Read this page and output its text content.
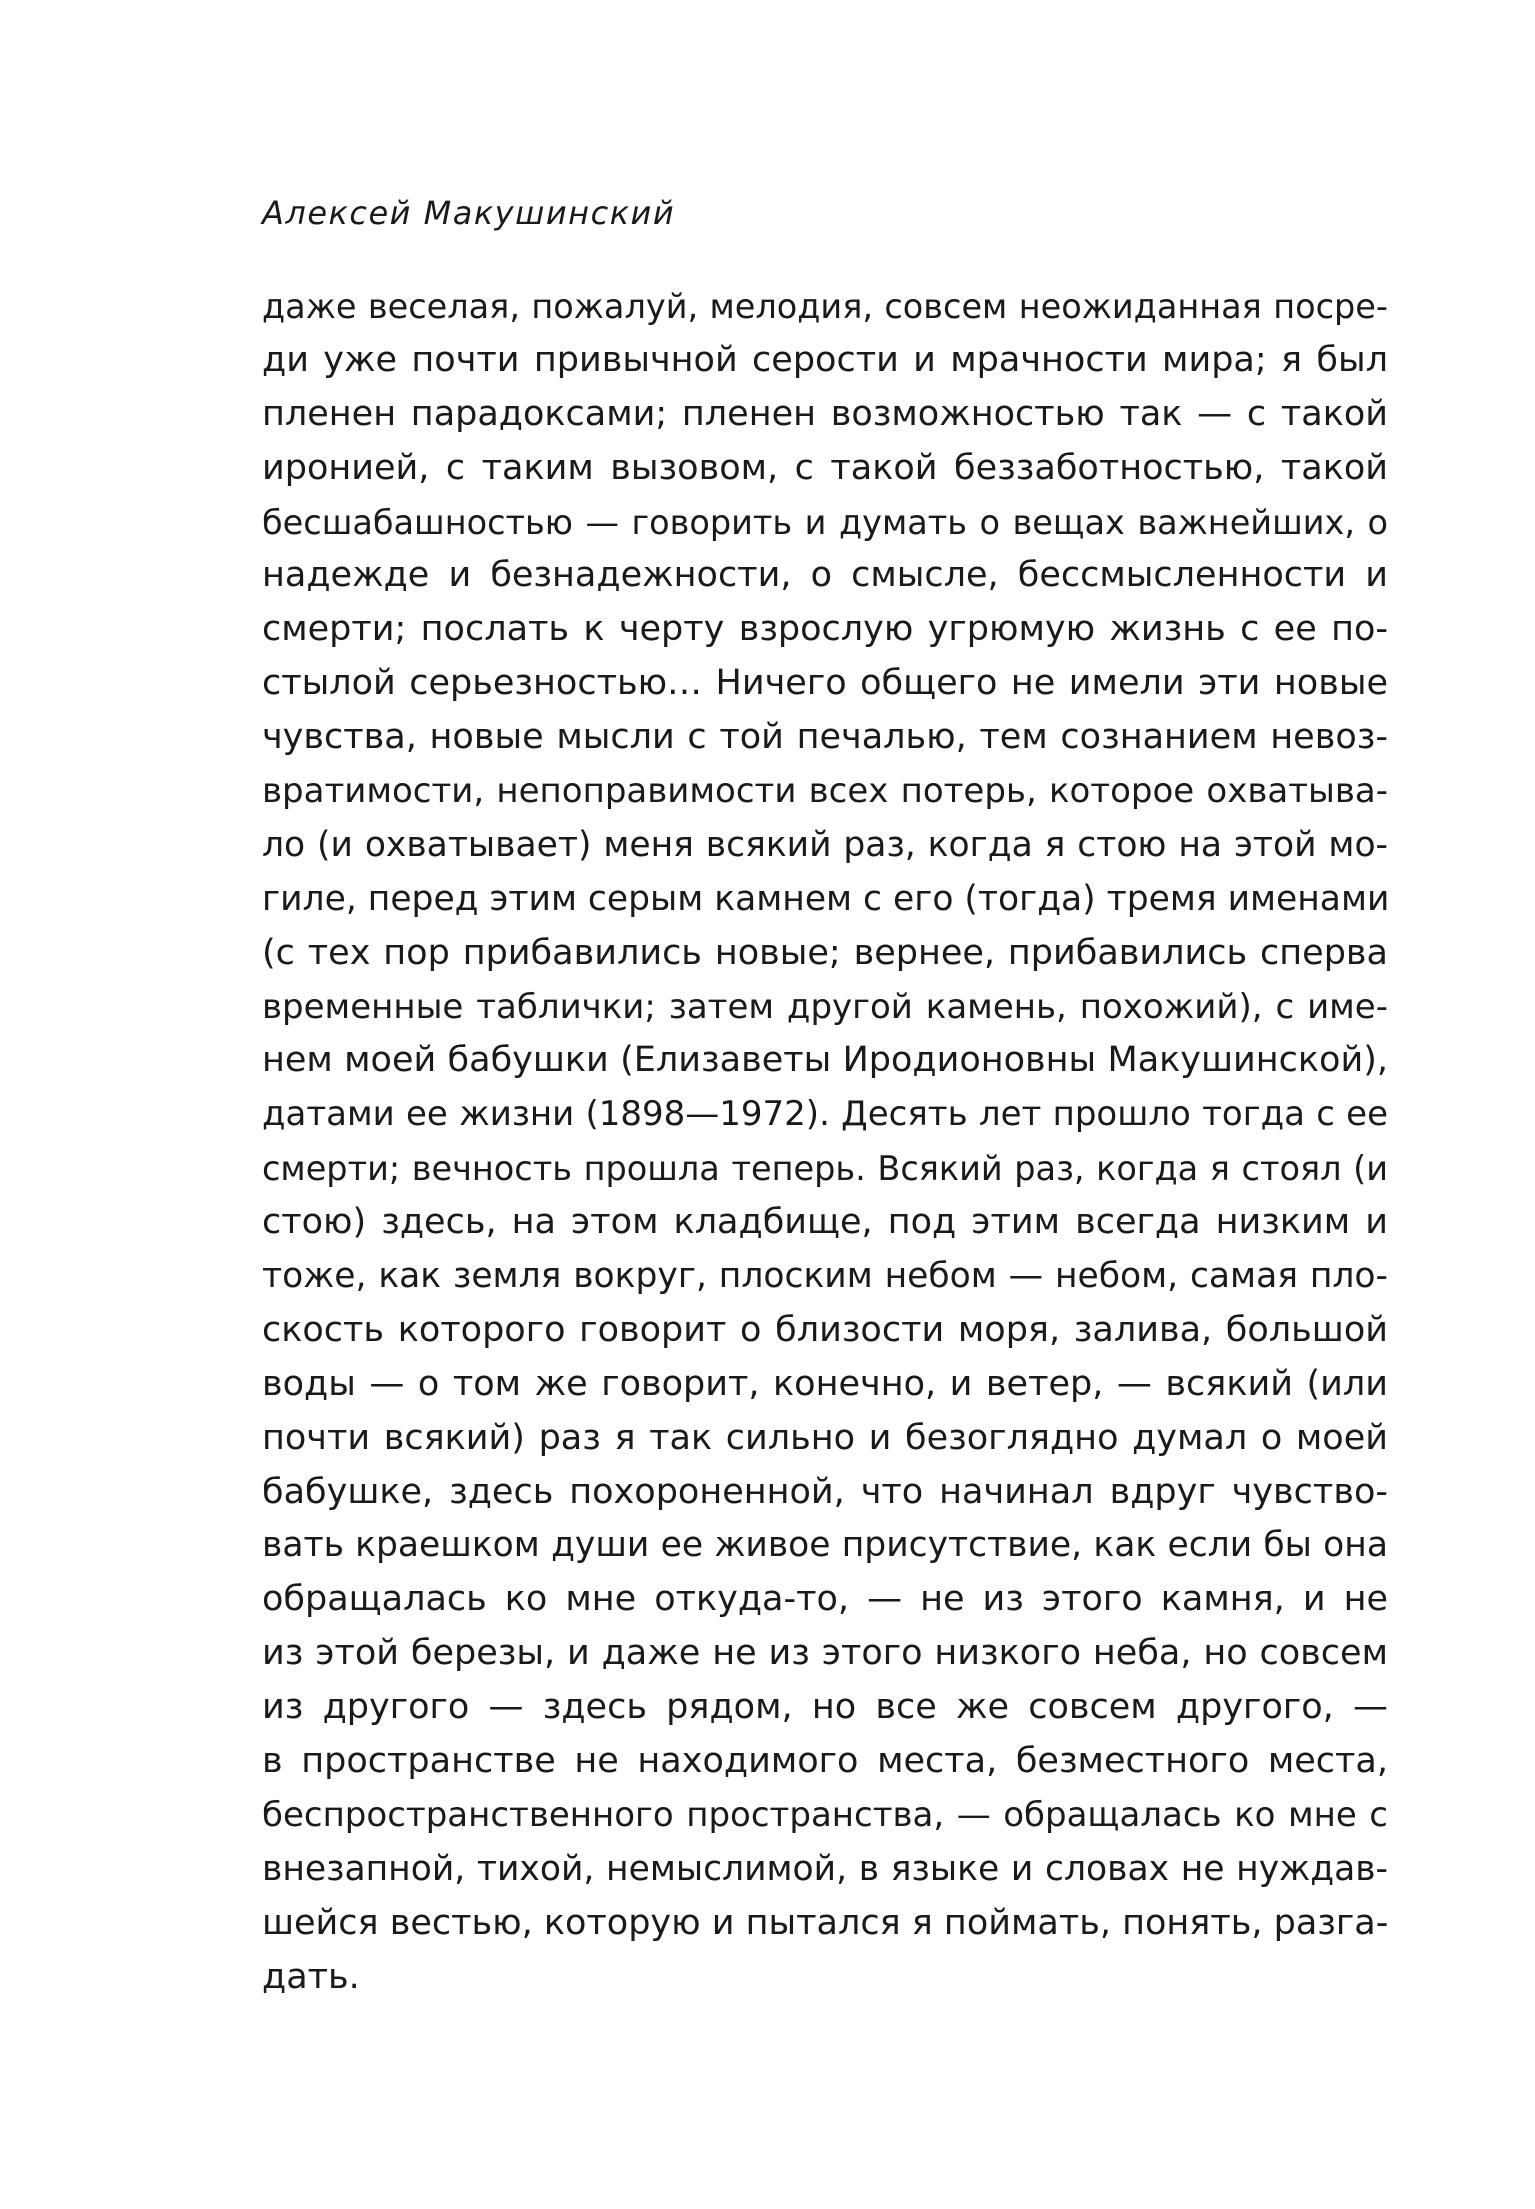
Алексей Макушинский
даже веселая, пожалуй, мелодия, совсем неожиданная посре-
ди уже почти привычной серости и мрачности мира; я был
пленен парадоксами; пленен возможностью так — с такой
иронией, с таким вызовом, с такой беззаботностью, такой
бесшабашностью — говорить и думать о вещах важнейших, о
надежде и безнадежности, о смысле, бессмысленности и
смерти; послать к черту взрослую угрюмую жизнь с ее по-
стылой серьезностью… Ничего общего не имели эти новые
чувства, новые мысли с той печалью, тем сознанием невоз-
вратимости, непоправимости всех потерь, которое охватыва-
ло (и охватывает) меня всякий раз, когда я стою на этой мо-
гиле, перед этим серым камнем с его (тогда) тремя именами
(с тех пор прибавились новые; вернее, прибавились сперва
временные таблички; затем другой камень, похожий), с име-
нем моей бабушки (Елизаветы Иродионовны Макушинской),
датами ее жизни (1898—1972). Десять лет прошло тогда с ее
смерти; вечность прошла теперь. Всякий раз, когда я стоял (и
стою) здесь, на этом кладбище, под этим всегда низким и
тоже, как земля вокруг, плоским небом — небом, самая пло-
скость которого говорит о близости моря, залива, большой
воды — о том же говорит, конечно, и ветер, — всякий (или
почти всякий) раз я так сильно и безоглядно думал о моей
бабушке, здесь похороненной, что начинал вдруг чувство-
вать краешком души ее живое присутствие, как если бы она
обращалась ко мне откуда-то, — не из этого камня, и не
из этой березы, и даже не из этого низкого неба, но совсем
из другого — здесь рядом, но все же совсем другого, —
в пространстве не находимого места, безместного места,
беспространственного пространства, — обращалась ко мне с
внезапной, тихой, немыслимой, в языке и словах не нуждав-
шейся вестью, которую и пытался я поймать, понять, разга-
дать.
